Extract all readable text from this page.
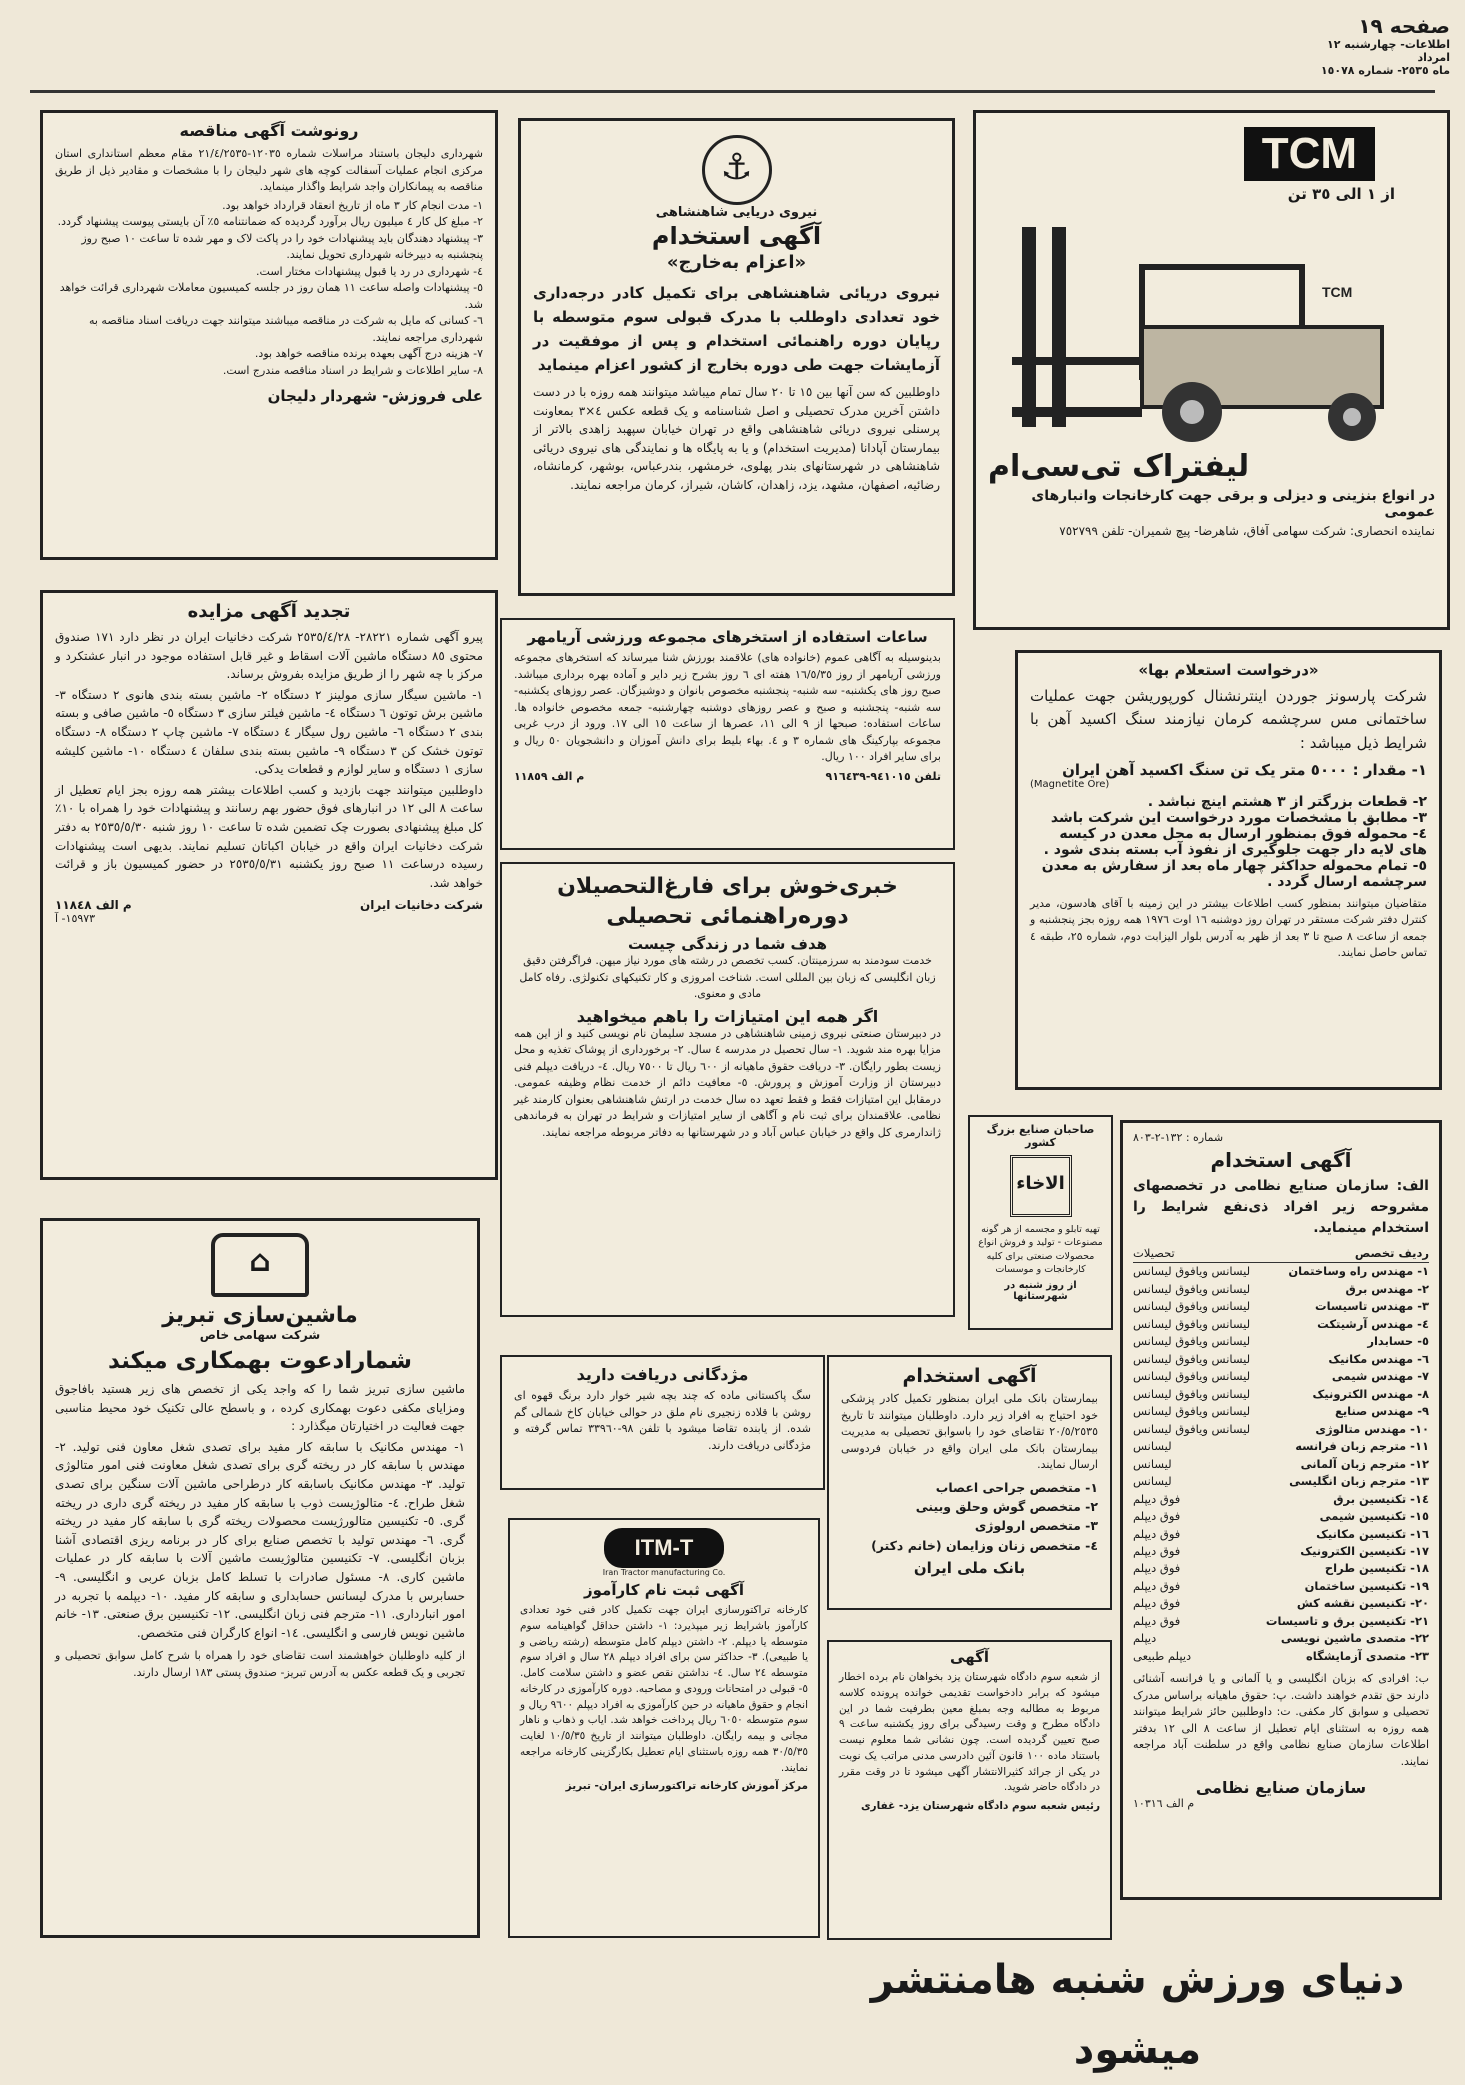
صفحه ١٩
اطلاعات- چهارشنبه ١٢ امرداد
ماه ٢٥٣٥- شماره ١٥٠٧٨
TCM
از ١ الی ٣٥ تن
TCM
لیفتراک تی‌سی‌ام
در انواع بنزینی و دیزلی و برقی جهت کارخانجات وانبارهای عمومی
نماینده انحصاری: شرکت سهامی آفاق، شاهرضا- پیچ شمیران- تلفن ٧٥٢٧٩٩
⚓
نیروی دریایی شاهنشاهی
آگهی استخدام
«اعزام به‌خارج»
نیروی دریائی شاهنشاهی برای تکمیل کادر درجه‌داری خود تعدادی داوطلب با مدرک قبولی سوم متوسطه با رپایان دوره راهنمائی استخدام و پس از موفقیت در آزمایشات جهت طی دوره بخارج از کشور اعزام مینماید
داوطلبین که سن آنها بین ١٥ تا ٢٠ سال تمام میباشد میتوانند همه روزه با در دست داشتن آخرین مدرک تحصیلی و اصل شناسنامه و یک قطعه عکس ٤×٣ بمعاونت پرسنلی نیروی دریائی شاهنشاهی واقع در تهران خیابان سپهبد زاهدی بالاتر از بیمارستان آپادانا (مدیریت استخدام) و یا به پایگاه ها و نمایندگی های نیروی دریائی شاهنشاهی در شهرستانهای بندر پهلوی، خرمشهر، بندرعباس، بوشهر، کرمانشاه، رضائیه، اصفهان، مشهد، یزد، زاهدان، کاشان، شیراز، کرمان مراجعه نمایند.
رونوشت آگهی مناقصه
شهرداری دلیجان باستناد مراسلات شماره ١٢٠٣٥-٢١/٤/٢٥٣٥ مقام معظم استانداری استان مرکزی انجام عملیات آسفالت کوچه های شهر دلیجان را با مشخصات و مقادیر ذیل از طریق مناقصه به پیمانکاران واجد شرایط واگذار مینماید.
١- مدت انجام کار ٣ ماه از تاریخ انعقاد قرارداد خواهد بود.
٢- مبلغ کل کار ٤ میلیون ریال برآورد گردیده که ضمانتنامه ٥٪ آن بایستی پیوست پیشنهاد گردد.
٣- پیشنهاد دهندگان باید پیشنهادات خود را در پاکت لاک و مهر شده تا ساعت ١٠ صبح روز پنجشنبه به دبیرخانه شهرداری تحویل نمایند.
٤- شهرداری در رد یا قبول پیشنهادات مختار است.
٥- پیشنهادات واصله ساعت ١١ همان روز در جلسه کمیسیون معاملات شهرداری قرائت خواهد شد.
٦- کسانی که مایل به شرکت در مناقصه میباشند میتوانند جهت دریافت اسناد مناقصه به شهرداری مراجعه نمایند.
٧- هزینه درج آگهی بعهده برنده مناقصه خواهد بود.
٨- سایر اطلاعات و شرایط در اسناد مناقصه مندرج است.
علی فروزش- شهردار دلیجان
تجدید آگهی مزایده
پیرو آگهی شماره ٢٨٢٢١- ٢٥٣٥/٤/٢٨ شرکت دخانیات ایران در نظر دارد ١٧١ صندوق محتوی ٨٥ دستگاه ماشین آلات اسقاط و غیر قابل استفاده موجود در انبار عشتکرد و مرکز با چه شهر را از طریق مزایده بفروش برساند.
١- ماشین سیگار سازی مولینز ٢ دستگاه ٢- ماشین بسته بندی هانوی ٢ دستگاه ٣- ماشین برش توتون ٦ دستگاه ٤- ماشین فیلتر سازی ٣ دستگاه ٥- ماشین صافی و بسته بندی ٢ دستگاه ٦- ماشین رول سیگار ٤ دستگاه ٧- ماشین چاپ ٢ دستگاه ٨- دستگاه توتون خشک کن ٣ دستگاه ٩- ماشین بسته بندی سلفان ٤ دستگاه ١٠- ماشین کلیشه سازی ١ دستگاه و سایر لوازم و قطعات یدکی.
داوطلبین میتوانند جهت بازدید و کسب اطلاعات بیشتر همه روزه بجز ایام تعطیل از ساعت ٨ الی ١٢ در انبارهای فوق حضور بهم رسانند و پیشنهادات خود را همراه با ١٠٪ کل مبلغ پیشنهادی بصورت چک تضمین شده تا ساعت ١٠ روز شنبه ٢٥٣٥/٥/٣٠ به دفتر شرکت دخانیات ایران واقع در خیابان اکباتان تسلیم نمایند. بدیهی است پیشنهادات رسیده درساعت ١١ صبح روز یکشنبه ٢٥٣٥/٥/٣١ در حضور کمیسیون باز و قرائت خواهد شد.
شرکت دخانیات ایران
م الف ١١٨٤٨
١٥٩٧٣- آ
ساعات استفاده از استخرهای مجموعه ورزشی آریامهر
بدینوسیله به آگاهی عموم (خانواده های) علاقمند بورزش شنا میرساند که استخرهای مجموعه ورزشی آریامهر از روز ١٦/٥/٣٥ هفته ای ٦ روز بشرح زیر دایر و آماده بهره برداری میباشد. صبح روز های یکشنبه- سه شنبه- پنجشنبه مخصوص بانوان و دوشیزگان. عصر روزهای یکشنبه- سه شنبه- پنجشنبه و صبح و عصر روزهای دوشنبه چهارشنبه- جمعه مخصوص خانواده ها. ساعات استفاده: صبحها از ٩ الی ١١، عصرها از ساعت ١٥ الی ١٧. ورود از درب غربی مجموعه بپارکینگ های شماره ٣ و ٤. بهاء بلیط برای دانش آموزان و دانشجویان ٥٠ ریال و برای سایر افراد ١٠٠ ریال.
تلفن ٩٤١٠١٥-٩١٦٤٣٩
م الف ١١٨٥٩
خبری‌خوش برای فارغ‌التحصیلان دوره‌راهنمائی تحصیلی
هدف شما در زندگی چیست
خدمت سودمند به سرزمینتان. کسب تخصص در رشته های مورد نیاز میهن. فراگرفتن دقیق زبان انگلیسی که زبان بین المللی است. شناخت امروزی و کار تکنیکهای تکنولژی. رفاه کامل مادی و معنوی.
اگر همه این امتیازات را باهم میخواهید
در دبیرستان صنعتی نیروی زمینی شاهنشاهی در مسجد سلیمان نام نویسی کنید و از این همه مزایا بهره مند شوید. ١- سال تحصیل در مدرسه ٤ سال. ٢- برخورداری از پوشاک تغذیه و محل زیست بطور رایگان. ٣- دریافت حقوق ماهیانه از ٦٠٠ ریال تا ٧٥٠٠ ریال. ٤- دریافت دیپلم فنی دبیرستان از وزارت آموزش و پرورش. ٥- معافیت دائم از خدمت نظام وظیفه عمومی. درمقابل این امتیازات فقط و فقط تعهد ده سال خدمت در ارتش شاهنشاهی بعنوان کارمند غیر نظامی. علاقمندان برای ثبت نام و آگاهی از سایر امتیازات و شرایط در تهران به فرماندهی ژاندارمری کل واقع در خیابان عباس آباد و در شهرستانها به دفاتر مربوطه مراجعه نمایند.
«درخواست استعلام بها»
شرکت پارسونز جوردن اینترنشنال کورپوریشن جهت عملیات ساختمانی مس سرچشمه کرمان نیازمند سنگ اکسید آهن با شرایط ذیل میباشد :
١- مقدار : ٥٠٠٠ متر یک تن سنگ اکسید آهن ایران
(Magnetite Ore)
٢- قطعات بزرگتر از ٣ هشتم اینچ نباشد .
٣- مطابق با مشخصات مورد درخواست این شرکت باشد
٤- محموله فوق بمنظور ارسال به محل معدن در کیسه های لایه دار جهت جلوگیری از نفوذ آب بسته بندی شود .
٥- تمام محموله حداکثر چهار ماه بعد از سفارش به معدن سرچشمه ارسال گردد .
متقاضیان میتوانند بمنظور کسب اطلاعات بیشتر در این زمینه با آقای هادسون، مدیر کنترل دفتر شرکت مستقر در تهران روز دوشنبه ١٦ اوت ١٩٧٦ همه روزه بجز پنجشنبه و جمعه از ساعت ٨ صبح تا ٣ بعد از ظهر به آدرس بلوار الیزابت دوم، شماره ٢٥، طبقه ٤ تماس حاصل نمایند.
صاحبان صنایع بزرگ کشور
الاخاء
تهیه تابلو و مجسمه از هر گونه مصنوعات - تولید و فروش انواع محصولات صنعتی برای کلیه کارخانجات و موسسات
از روز شنبه در شهرستانها
شماره : ١٣٢-٢-٨٠٣
آگهی استخدام
الف: سازمان صنایع نظامی در تخصصهای مشروحه زیر افراد ذی‌نفع شرایط را استخدام مینماید.
ردیف تخصص
تحصیلات
١- مهندس راه وساختمان
لیسانس ویافوق لیسانس
٢- مهندس برق
لیسانس ویافوق لیسانس
٣- مهندس تاسیسات
لیسانس ویافوق لیسانس
٤- مهندس آرشیتکت
لیسانس ویافوق لیسانس
٥- حسابدار
لیسانس ویافوق لیسانس
٦- مهندس مکانیک
لیسانس ویافوق لیسانس
٧- مهندس شیمی
لیسانس ویافوق لیسانس
٨- مهندس الکترونیک
لیسانس ویافوق لیسانس
٩- مهندس صنایع
لیسانس ویافوق لیسانس
١٠- مهندس متالوژی
لیسانس ویافوق لیسانس
١١- مترجم زبان فرانسه
لیسانس
١٢- مترجم زبان آلمانی
لیسانس
١٣- مترجم زبان انگلیسی
لیسانس
١٤- تکنیسین برق
فوق دیپلم
١٥- تکنیسین شیمی
فوق دیپلم
١٦- تکنیسین مکانیک
فوق دیپلم
١٧- تکنیسین الکترونیک
فوق دیپلم
١٨- تکنیسین طراح
فوق دیپلم
١٩- تکنیسین ساختمان
فوق دیپلم
٢٠- تکنیسین نقشه کش
فوق دیپلم
٢١- تکنیسین برق و تاسیسات
فوق دیپلم
٢٢- متصدی ماشین نویسی
دیپلم
٢٣- متصدی آزمایشگاه
دیپلم طبیعی
ب: افرادی که بزبان انگلیسی و یا آلمانی و یا فرانسه آشنائی دارند حق تقدم خواهند داشت. پ: حقوق ماهیانه براساس مدرک تحصیلی و سوابق کار مکفی. ت: داوطلبین حائز شرایط میتوانند همه روزه به استثنای ایام تعطیل از ساعت ٨ الی ١٢ بدفتر اطلاعات سازمان صنایع نظامی واقع در سلطنت آباد مراجعه نمایند.
سازمان صنایع نظامی
م الف ١٠٣١٦
⌂
ماشین‌سازی تبریز
شرکت سهامی خاص
شمارادعوت بهمکاری میکند
ماشین سازی تبریز شما را که واجد یکی از تخصص های زیر هستید بافاجوق ومزایای مکفی دعوت بهمکاری کرده ، و باسطح عالی تکنیک خود محیط مناسبی جهت فعالیت در اختیارتان میگذارد :
١- مهندس مکانیک با سابقه کار مفید برای تصدی شغل معاون فنی تولید. ٢- مهندس با سابقه کار در ریخته گری برای تصدی شغل معاونت فنی امور متالوژی تولید. ٣- مهندس مکانیک باسابقه کار درطراحی ماشین آلات سنگین برای تصدی شغل طراح. ٤- متالوژیست ذوب با سابقه کار مفید در ریخته گری داری در ریخته گری. ٥- تکنیسین متالورژیست محصولات ریخته گری با سابقه کار مفید در ریخته گری. ٦- مهندس تولید با تخصص صنایع برای کار در برنامه ریزی اقتصادی آشنا بزبان انگلیسی. ٧- تکنیسین متالوژیست ماشین آلات با سابقه کار در عملیات ماشین کاری. ٨- مسئول صادرات با تسلط کامل بزبان عربی و انگلیسی. ٩- حسابرس با مدرک لیسانس حسابداری و سابقه کار مفید. ١٠- دیپلمه با تجربه در امور انبارداری. ١١- مترجم فنی زبان انگلیسی. ١٢- تکنیسین برق صنعتی. ١٣- خانم ماشین نویس فارسی و انگلیسی. ١٤- انواع کارگران فنی متخصص.
از کلیه داوطلبان خواهشمند است تقاضای خود را همراه با شرح کامل سوابق تحصیلی و تجربی و یک قطعه عکس به آدرس تبریز- صندوق پستی ١٨٣ ارسال دارند.
مژدگانی دریافت دارید
سگ پاکستانی ماده که چند بچه شیر خوار دارد برنگ قهوه ای روشن با قلاده زنجیری نام ملق در حوالی خیابان کاخ شمالی گم شده. از یابنده تقاضا میشود با تلفن ٩٨-٣٣٩٦٠ تماس گرفته و مژدگانی دریافت دارند.
آگهی استخدام
بیمارستان بانک ملی ایران بمنظور تکمیل کادر پزشکی خود احتیاج به افراد زیر دارد. داوطلبان میتوانند تا تاریخ ٢٠/٥/٢٥٣٥ تقاضای خود را باسوابق تحصیلی به مدیریت بیمارستان بانک ملی ایران واقع در خیابان فردوسی ارسال نمایند.
١- متخصص جراحی اعصاب
٢- متخصص گوش وحلق وبینی
٣- متخصص ارولوژی
٤- متخصص زنان وزایمان (خانم دکتر)
بانک ملی ایران
ITM-T
Iran Tractor manufacturing Co.
آگهی ثبت نام کارآموز
کارخانه تراکتورسازی ایران جهت تکمیل کادر فنی خود تعدادی کارآموز باشرایط زیر میپذیرد: ١- داشتن حداقل گواهینامه سوم متوسطه یا دیپلم. ٢- داشتن دیپلم کامل متوسطه (رشته ریاضی و یا طبیعی). ٣- حداکثر سن برای افراد دیپلم ٢٨ سال و افراد سوم متوسطه ٢٤ سال. ٤- نداشتن نقص عضو و داشتن سلامت کامل. ٥- قبولی در امتحانات ورودی و مصاحبه. دوره کارآموزی در کارخانه انجام و حقوق ماهیانه در حین کارآموزی به افراد دیپلم ٩٦٠٠ ریال و سوم متوسطه ٦٠٥٠ ریال پرداخت خواهد شد. ایاب و ذهاب و ناهار مجانی و بیمه رایگان. داوطلبان میتوانند از تاریخ ١٠/٥/٣٥ لغایت ٣٠/٥/٣٥ همه روزه باستثنای ایام تعطیل بکارگزینی کارخانه مراجعه نمایند.
مرکز آموزش کارخانه تراکتورسازی ایران- تبریز
آگهی
از شعبه سوم دادگاه شهرستان یزد بخواهان نام برده اخطار میشود که برابر دادخواست تقدیمی خوانده پرونده کلاسه مربوط به مطالبه وجه بمبلغ معین بطرفیت شما در این دادگاه مطرح و وقت رسیدگی برای روز یکشنبه ساعت ٩ صبح تعیین گردیده است. چون نشانی شما معلوم نیست باستناد ماده ١٠٠ قانون آئین دادرسی مدنی مراتب یک نوبت در یکی از جرائد کثیرالانتشار آگهی میشود تا در وقت مقرر در دادگاه حاضر شوید.
رئیس شعبه سوم دادگاه شهرستان یزد- غفاری
دنیای ورزش شنبه هامنتشر میشود
